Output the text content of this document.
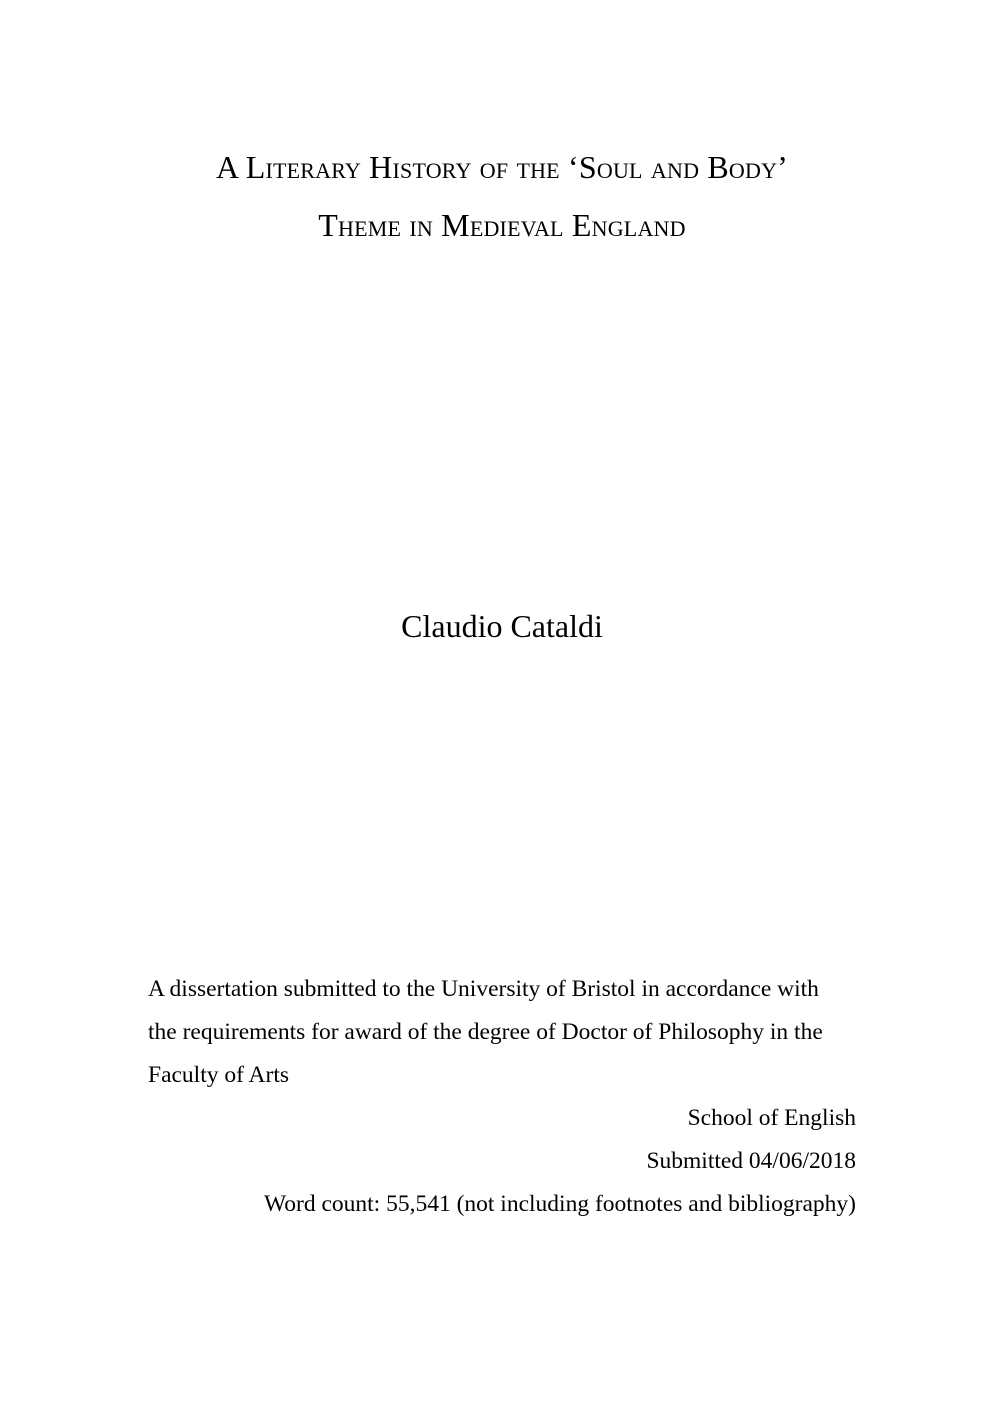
A Literary History of the ‘Soul and Body’
Theme in Medieval England
Claudio Cataldi
A dissertation submitted to the University of Bristol in accordance with
the requirements for award of the degree of Doctor of Philosophy in the
Faculty of Arts
School of English
Submitted 04/06/2018
Word count: 55,541 (not including footnotes and bibliography)
